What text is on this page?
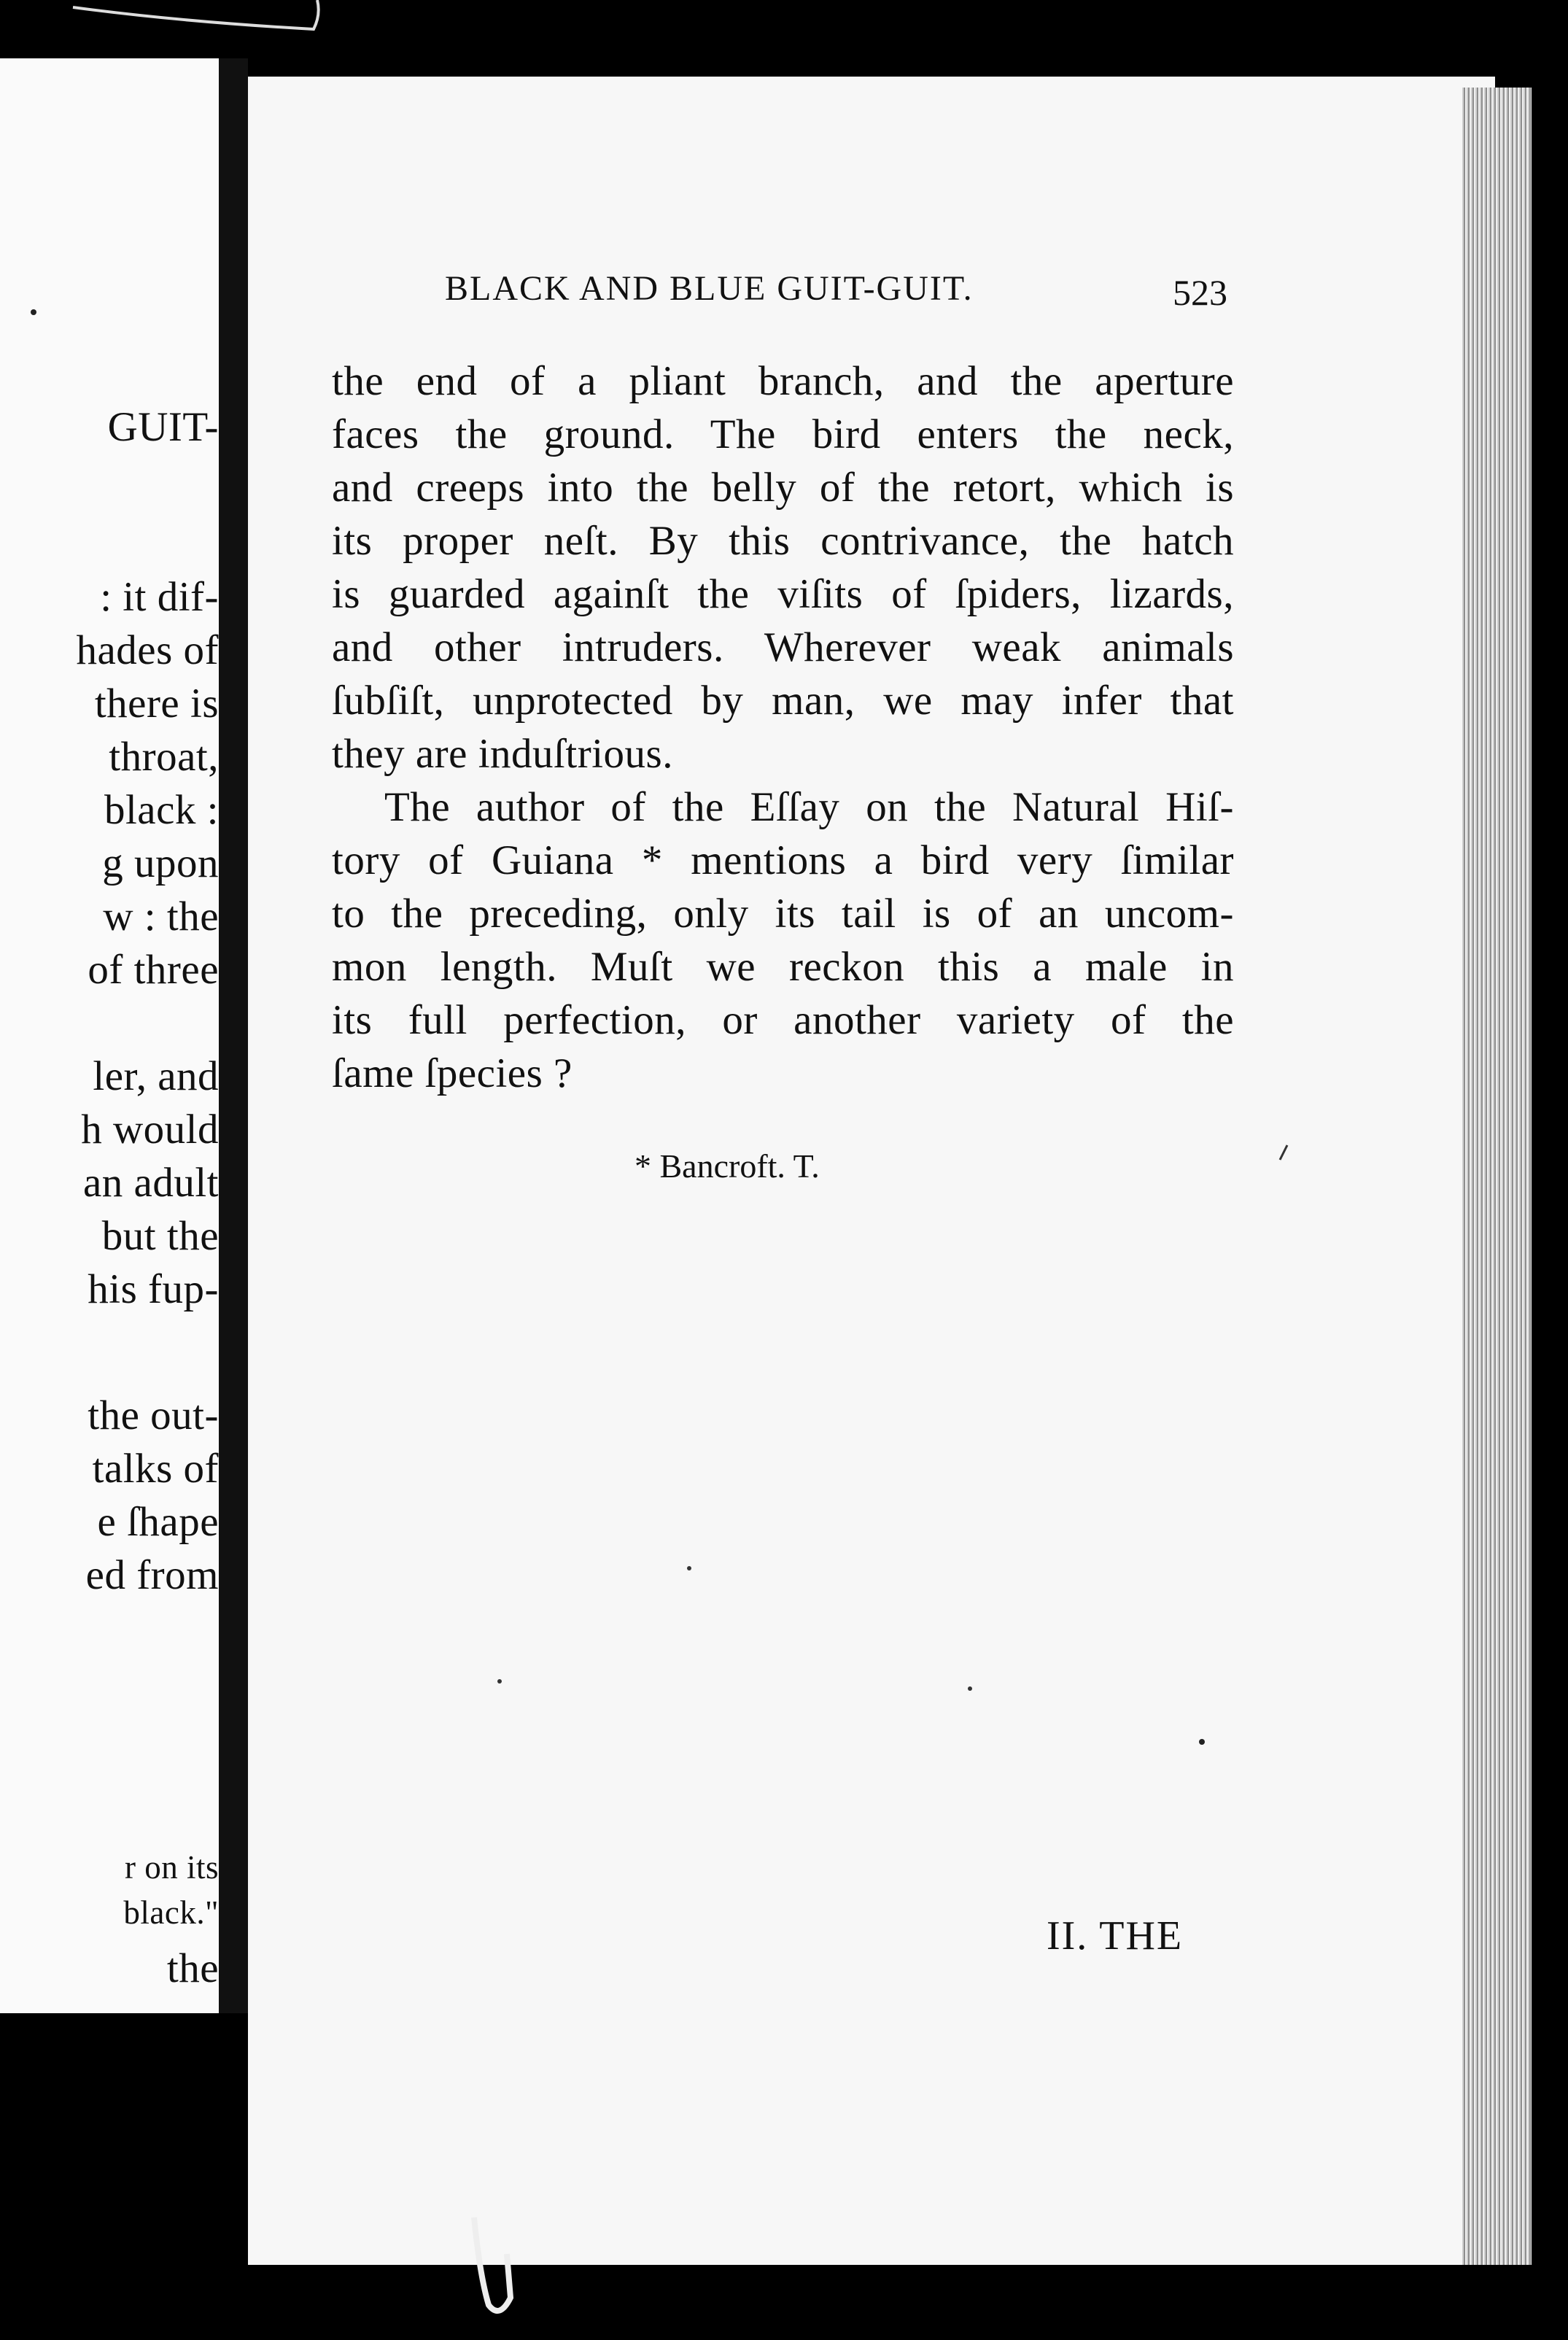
GUIT-
: it dif-
hades of
there is
throat,
black :
g upon
w : the
of three
ler, and
h would
an adult
but the
his fup-
the out-
talks of
e ſhape
ed from
r on its
black."
the
BLACK AND BLUE GUIT-GUIT.	523
the end of a pliant branch, and the aperture
faces the ground. The bird enters the neck,
and creeps into the belly of the retort, which is
its proper neſt. By this contrivance, the hatch
is guarded againſt the viſits of ſpiders, lizards,
and other intruders. Wherever weak animals
ſubſiſt, unprotected by man, we may infer that
they are induſtrious.
The author of the Eſſay on the Natural Hiſ-
tory of Guiana * mentions a bird very ſimilar
to the preceding, only its tail is of an uncom-
mon length. Muſt we reckon this a male in
its full perfection, or another variety of the
ſame ſpecies ?
* Bancroft. T.
II. THE
